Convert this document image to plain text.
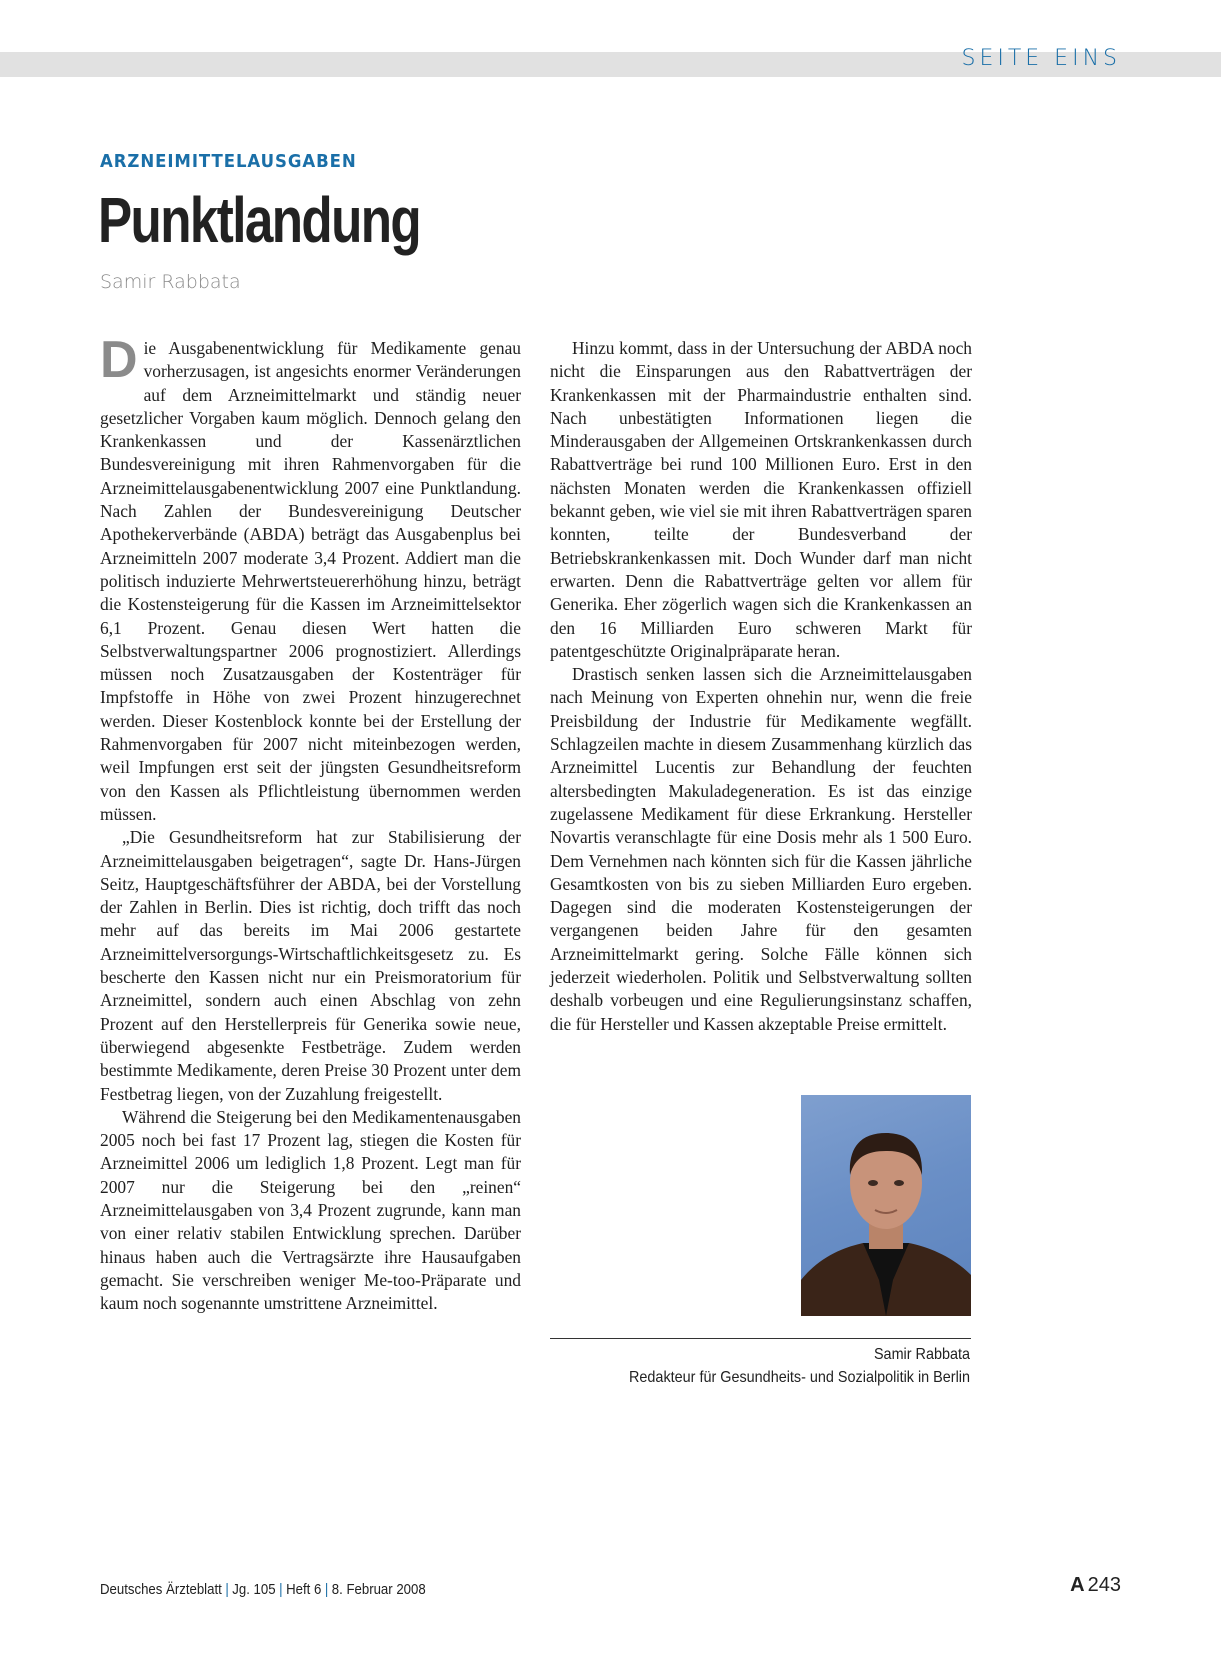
SEITE EINS
ARZNEIMITTELAUSGABEN
Punktlandung
Samir Rabbata

Die Ausgabenentwicklung für Medikamente genau vorherzusagen, ist angesichts enormer Veränderungen auf dem Arzneimittelmarkt und ständig neuer gesetzlicher Vorgaben kaum möglich. Dennoch gelang den Krankenkassen und der Kassenärztlichen Bundesvereinigung mit ihren Rahmenvorgaben für die Arzneimittelausgabenentwicklung 2007 eine Punktlandung. Nach Zahlen der Bundesvereinigung Deutscher Apothekerverbände (ABDA) beträgt das Ausgabenplus bei Arzneimitteln 2007 moderate 3,4 Prozent. Addiert man die politisch induzierte Mehrwertsteuererhöhung hinzu, beträgt die Kostensteigerung für die Kassen im Arzneimittelsektor 6,1 Prozent. Genau diesen Wert hatten die Selbstverwaltungspartner 2006 prognostiziert. Allerdings müssen noch Zusatzausgaben der Kostenträger für Impfstoffe in Höhe von zwei Prozent hinzugerechnet werden. Dieser Kostenblock konnte bei der Erstellung der Rahmenvorgaben für 2007 nicht miteinbezogen werden, weil Impfungen erst seit der jüngsten Gesundheitsreform von den Kassen als Pflichtleistung übernommen werden müssen.

„Die Gesundheitsreform hat zur Stabilisierung der Arzneimittelausgaben beigetragen“, sagte Dr. Hans-Jürgen Seitz, Hauptgeschäftsführer der ABDA, bei der Vorstellung der Zahlen in Berlin. Dies ist richtig, doch trifft das noch mehr auf das bereits im Mai 2006 gestartete Arzneimittelversorgungs-Wirtschaftlichkeitsgesetz zu. Es bescherte den Kassen nicht nur ein Preismoratorium für Arzneimittel, sondern auch einen Abschlag von zehn Prozent auf den Herstellerpreis für Generika sowie neue, überwiegend abgesenkte Festbeträge. Zudem werden bestimmte Medikamente, deren Preise 30 Prozent unter dem Festbetrag liegen, von der Zuzahlung freigestellt.

Während die Steigerung bei den Medikamentenausgaben 2005 noch bei fast 17 Prozent lag, stiegen die Kosten für Arzneimittel 2006 um lediglich 1,8 Prozent. Legt man für 2007 nur die Steigerung bei den „reinen“ Arzneimittelausgaben von 3,4 Prozent zugrunde, kann man von einer relativ stabilen Entwicklung sprechen. Darüber hinaus haben auch die Vertragsärzte ihre Hausaufgaben gemacht. Sie verschreiben weniger Me-too-Präparate und kaum noch sogenannte umstrittene Arzneimittel.

Hinzu kommt, dass in der Untersuchung der ABDA noch nicht die Einsparungen aus den Rabattverträgen der Krankenkassen mit der Pharmaindustrie enthalten sind. Nach unbestätigten Informationen liegen die Minderausgaben der Allgemeinen Ortskrankenkassen durch Rabattverträge bei rund 100 Millionen Euro. Erst in den nächsten Monaten werden die Krankenkassen offiziell bekannt geben, wie viel sie mit ihren Rabattverträgen sparen konnten, teilte der Bundesverband der Betriebskrankenkassen mit. Doch Wunder darf man nicht erwarten. Denn die Rabattverträge gelten vor allem für Generika. Eher zögerlich wagen sich die Krankenkassen an den 16 Milliarden Euro schweren Markt für patentgeschützte Originalpräparate heran.

Drastisch senken lassen sich die Arzneimittelausgaben nach Meinung von Experten ohnehin nur, wenn die freie Preisbildung der Industrie für Medikamente wegfällt. Schlagzeilen machte in diesem Zusammenhang kürzlich das Arzneimittel Lucentis zur Behandlung der feuchten altersbedingten Makuladegeneration. Es ist das einzige zugelassene Medikament für diese Erkrankung. Hersteller Novartis veranschlagte für eine Dosis mehr als 1 500 Euro. Dem Vernehmen nach könnten sich für die Kassen jährliche Gesamtkosten von bis zu sieben Milliarden Euro ergeben. Dagegen sind die moderaten Kostensteigerungen der vergangenen beiden Jahre für den gesamten Arzneimittelmarkt gering. Solche Fälle können sich jederzeit wiederholen. Politik und Selbstverwaltung sollten deshalb vorbeugen und eine Regulierungsinstanz schaffen, die für Hersteller und Kassen akzeptable Preise ermittelt.

Samir Rabbata
Redakteur für Gesundheits- und Sozialpolitik in Berlin
Deutsches Ärzteblatt | Jg. 105 | Heft 6 | 8. Februar 2008	A 243
